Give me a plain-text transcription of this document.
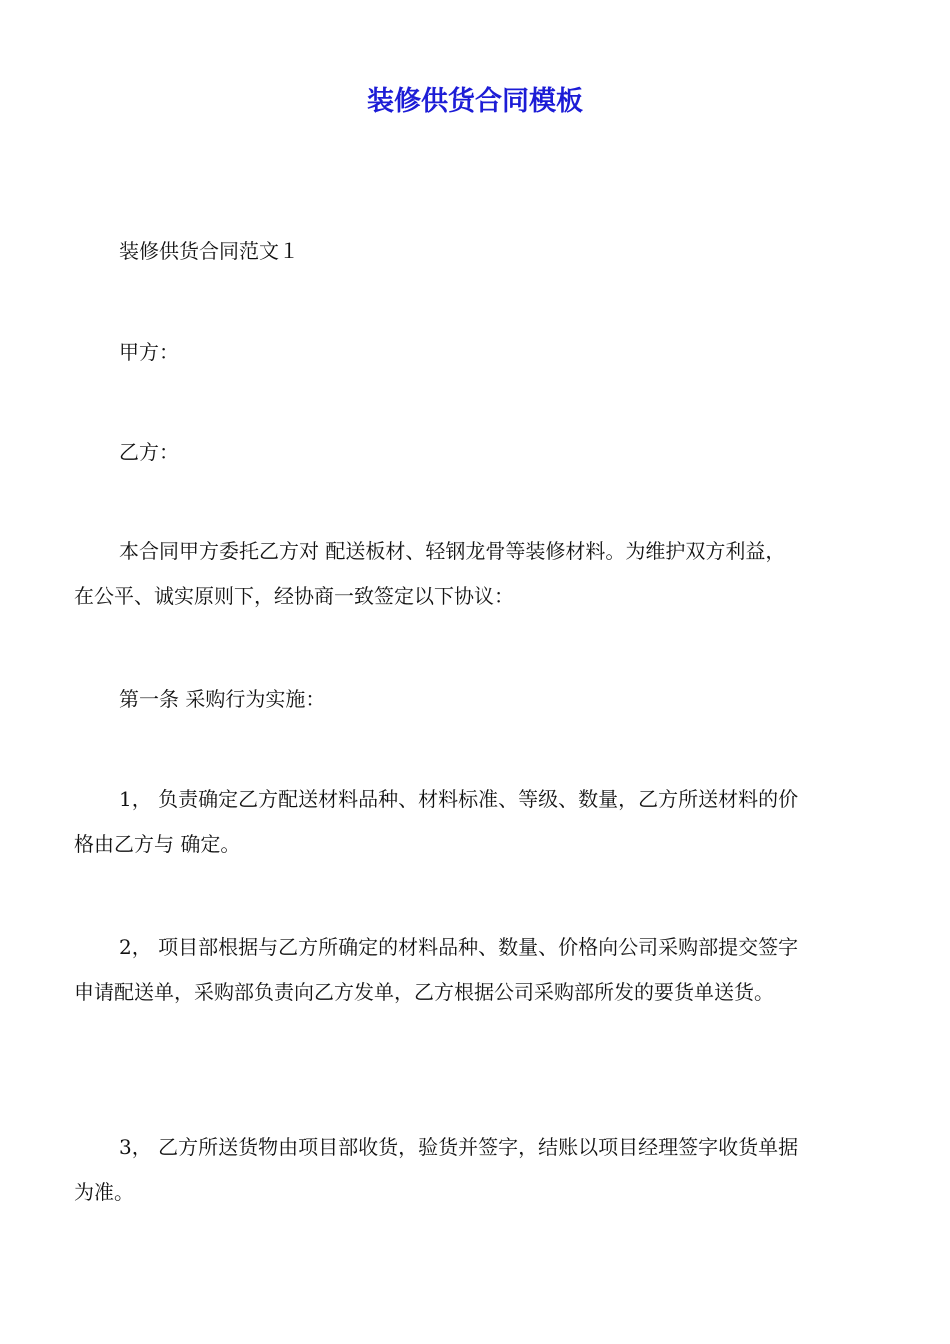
装修供货合同模板

装修供货合同范文１

甲方：

乙方：

本合同甲方委托乙方对 配送板材、轻钢龙骨等装修材料。为维护双方利益，
在公平、诚实原则下，经协商一致签定以下协议：

第一条 采购行为实施：

1， 负责确定乙方配送材料品种、材料标准、等级、数量，乙方所送材料的价
格由乙方与 确定。
2， 项目部根据与乙方所确定的材料品种、数量、价格向公司采购部提交签字
申请配送单，采购部负责向乙方发单，乙方根据公司采购部所发的要货单送货。
3， 乙方所送货物由项目部收货，验货并签字，结账以项目经理签字收货单据
为准。
